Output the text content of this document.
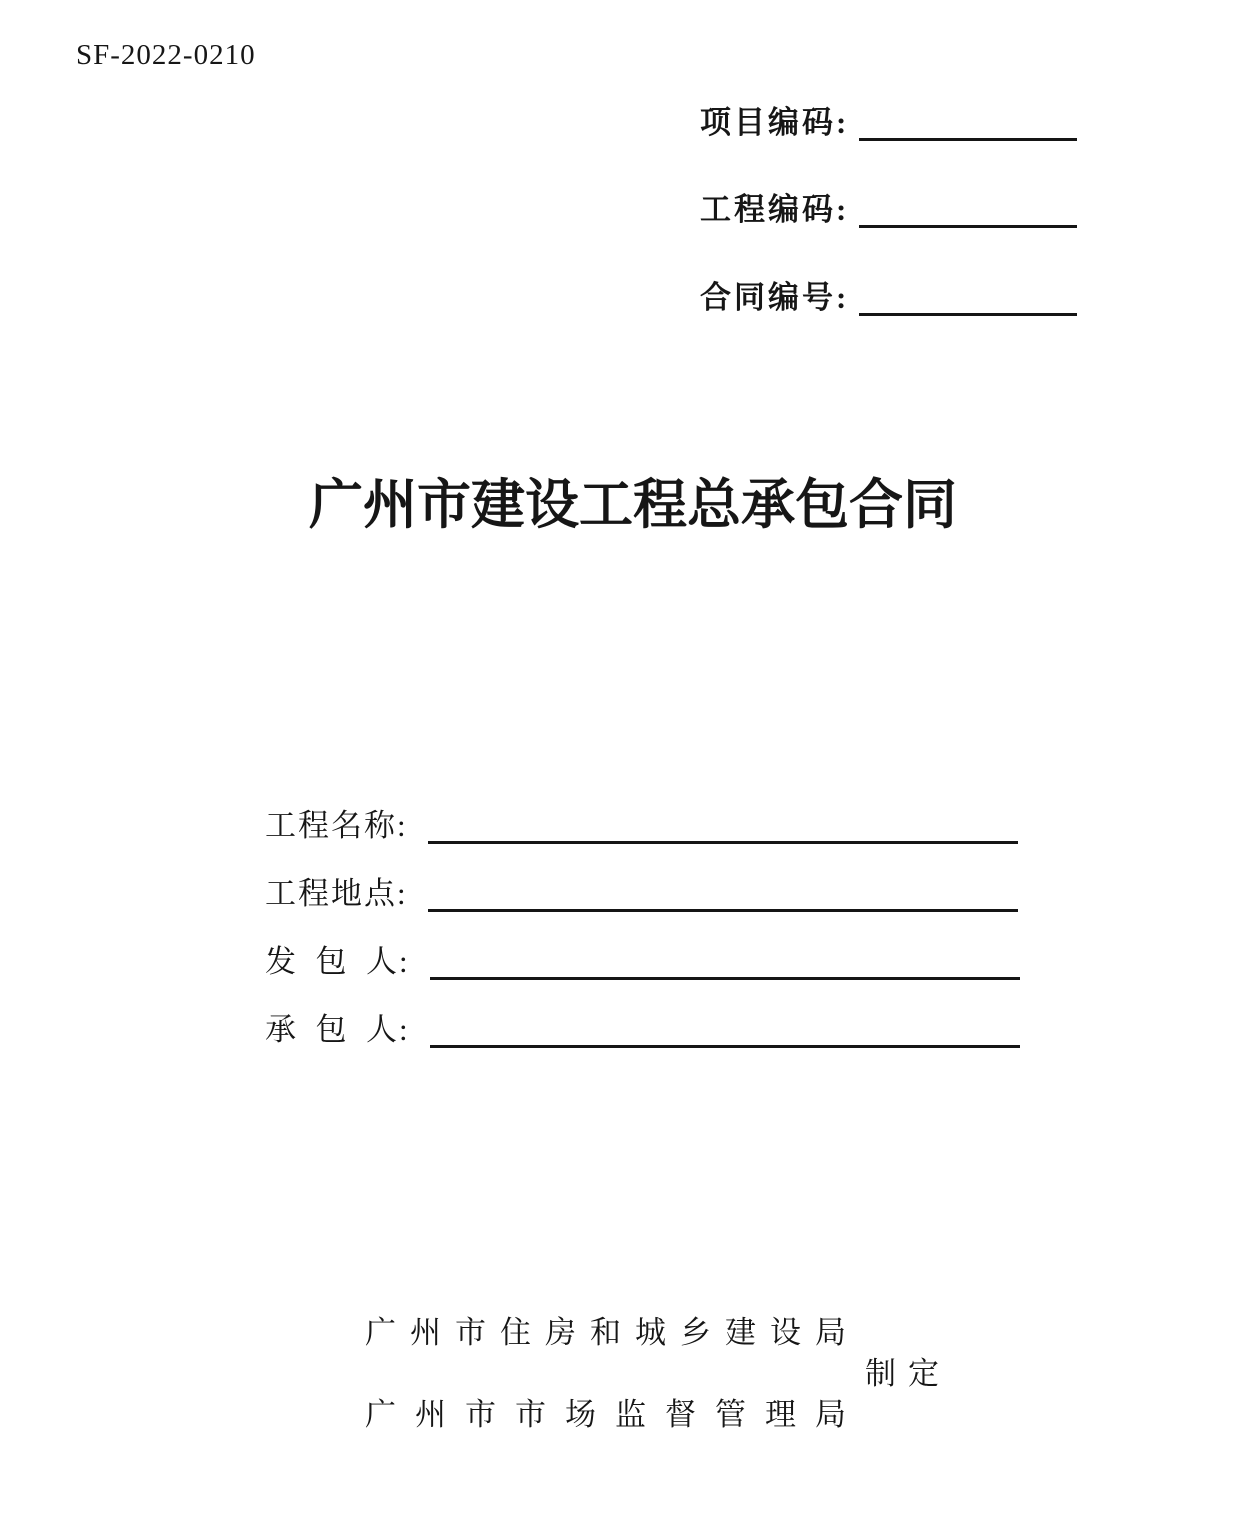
SF-2022-0210
项目编码:
工程编码:
合同编号:
广州市建设工程总承包合同
工程名称:
工程地点:
发 包 人:
承 包 人:
广州市住房和城乡建设局
制定
广州市市场监督管理局
